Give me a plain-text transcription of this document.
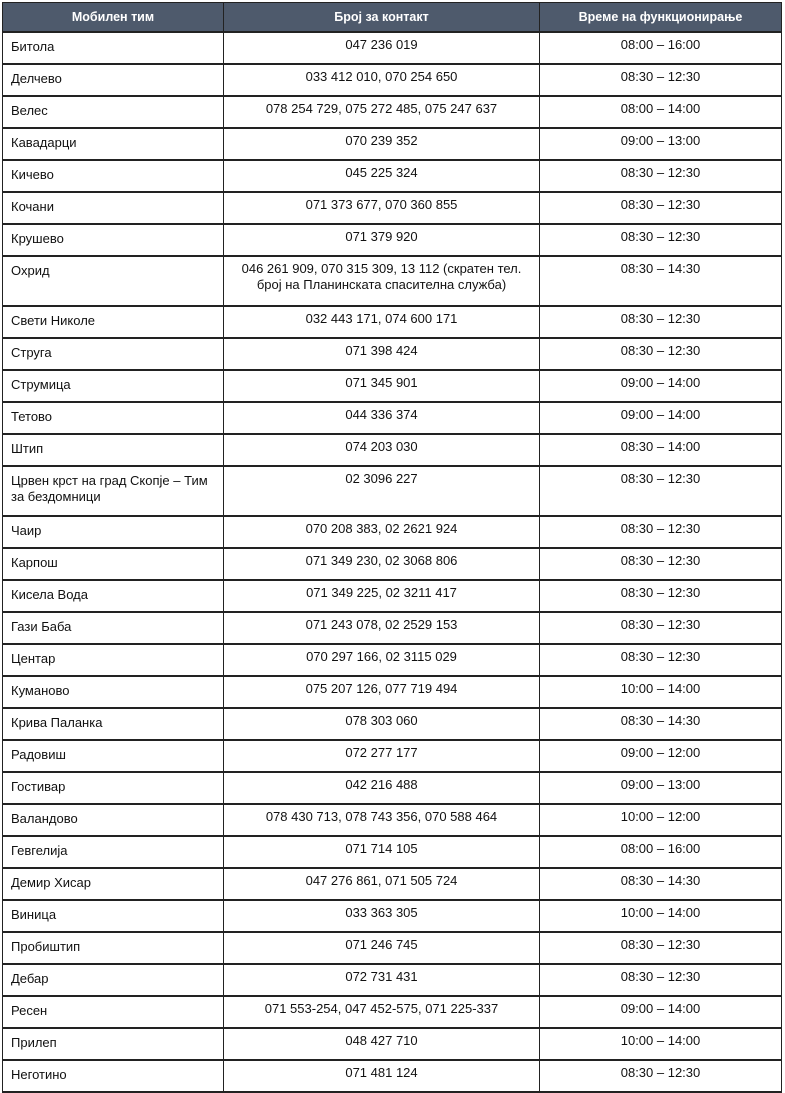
Мобилен тим	Број за контакт	Време на функционирање
Битола	047 236 019	08:00 – 16:00
Делчево	033 412 010, 070 254 650	08:30 – 12:30
Велес	078 254 729, 075 272 485, 075 247 637	08:00 – 14:00
Кавадарци	070 239 352	09:00 – 13:00
Кичево	045 225 324	08:30 – 12:30
Кочани	071 373 677, 070 360 855	08:30 – 12:30
Крушево	071 379 920	08:30 – 12:30
Охрид	046 261 909, 070 315 309, 13 112 (скратен тел. број на Планинската спасителна служба)	08:30 – 14:30
Свети Николе	032 443 171, 074 600 171	08:30 – 12:30
Струга	071 398 424	08:30 – 12:30
Струмица	071 345 901	09:00 – 14:00
Тетово	044 336 374	09:00 – 14:00
Штип	074 203 030	08:30 – 14:00
Црвен крст на град Скопје – Тим за бездомници	02 3096 227	08:30 – 12:30
Чаир	070 208 383, 02 2621 924	08:30 – 12:30
Карпош	071 349 230, 02 3068 806	08:30 – 12:30
Кисела Вода	071 349 225, 02 3211 417	08:30 – 12:30
Гази Баба	071 243 078, 02 2529 153	08:30 – 12:30
Центар	070 297 166, 02 3115 029	08:30 – 12:30
Куманово	075 207 126, 077 719 494	10:00 – 14:00
Крива Паланка	078 303 060	08:30 – 14:30
Радовиш	072 277 177	09:00 – 12:00
Гостивар	042 216 488	09:00 – 13:00
Валандово	078 430 713, 078 743 356, 070 588 464	10:00 – 12:00
Гевгелија	071 714 105	08:00 – 16:00
Демир Хисар	047 276 861, 071 505 724	08:30 – 14:30
Виница	033 363 305	10:00 – 14:00
Пробиштип	071 246 745	08:30 – 12:30
Дебар	072 731 431	08:30 – 12:30
Ресен	071 553-254, 047 452-575, 071 225-337	09:00 – 14:00
Прилеп	048 427 710	10:00 – 14:00
Неготино	071 481 124	08:30 – 12:30
